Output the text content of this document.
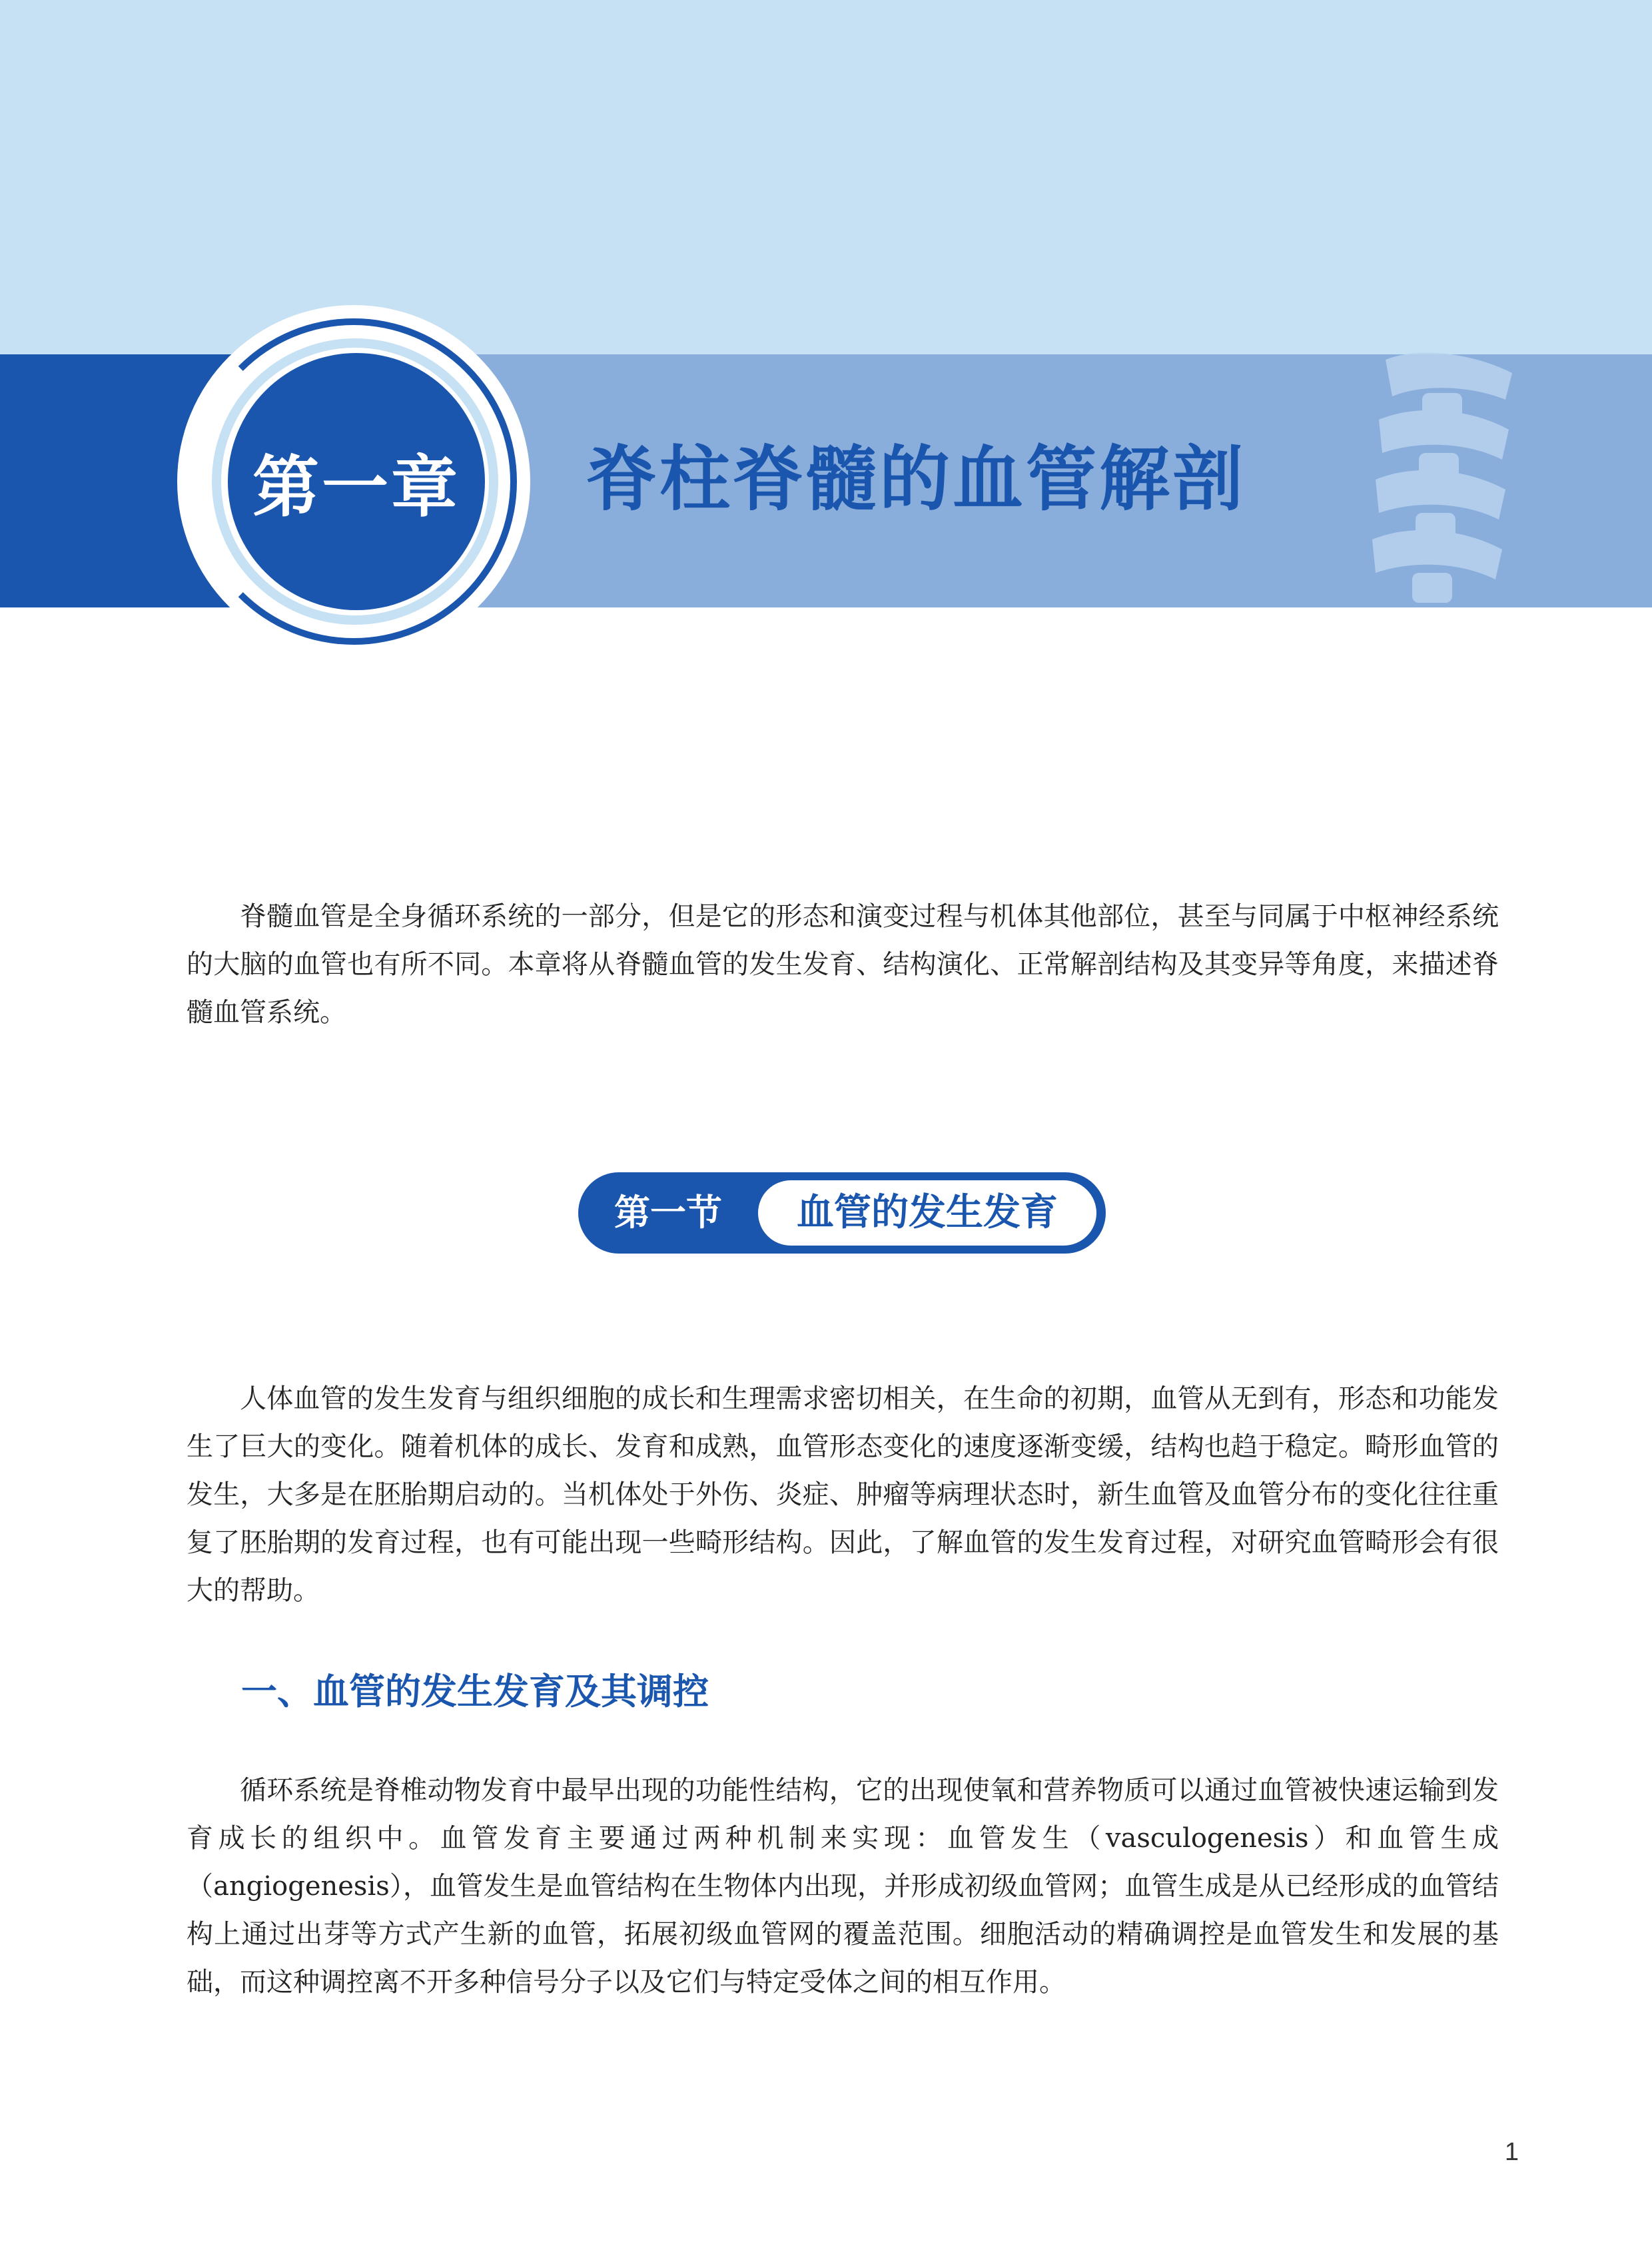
第一章	脊柱脊髓的血管解剖

脊髓血管是全身循环系统的一部分，但是它的形态和演变过程与机体其他部位，甚至与同属于中枢神经系统的大脑的血管也有所不同。本章将从脊髓血管的发生发育、结构演化、正常解剖结构及其变异等角度，来描述脊髓血管系统。

第一节	血管的发生发育

人体血管的发生发育与组织细胞的成长和生理需求密切相关，在生命的初期，血管从无到有，形态和功能发生了巨大的变化。随着机体的成长、发育和成熟，血管形态变化的速度逐渐变缓，结构也趋于稳定。畸形血管的发生，大多是在胚胎期启动的。当机体处于外伤、炎症、肿瘤等病理状态时，新生血管及血管分布的变化往往重复了胚胎期的发育过程，也有可能出现一些畸形结构。因此，了解血管的发生发育过程，对研究血管畸形会有很大的帮助。

一、血管的发生发育及其调控

循环系统是脊椎动物发育中最早出现的功能性结构，它的出现使氧和营养物质可以通过血管被快速运输到发育成长的组织中。血管发育主要通过两种机制来实现：血管发生（vasculogenesis）和血管生成（angiogenesis），血管发生是血管结构在生物体内出现，并形成初级血管网；血管生成是从已经形成的血管结构上通过出芽等方式产生新的血管，拓展初级血管网的覆盖范围。细胞活动的精确调控是血管发生和发展的基础，而这种调控离不开多种信号分子以及它们与特定受体之间的相互作用。

1
